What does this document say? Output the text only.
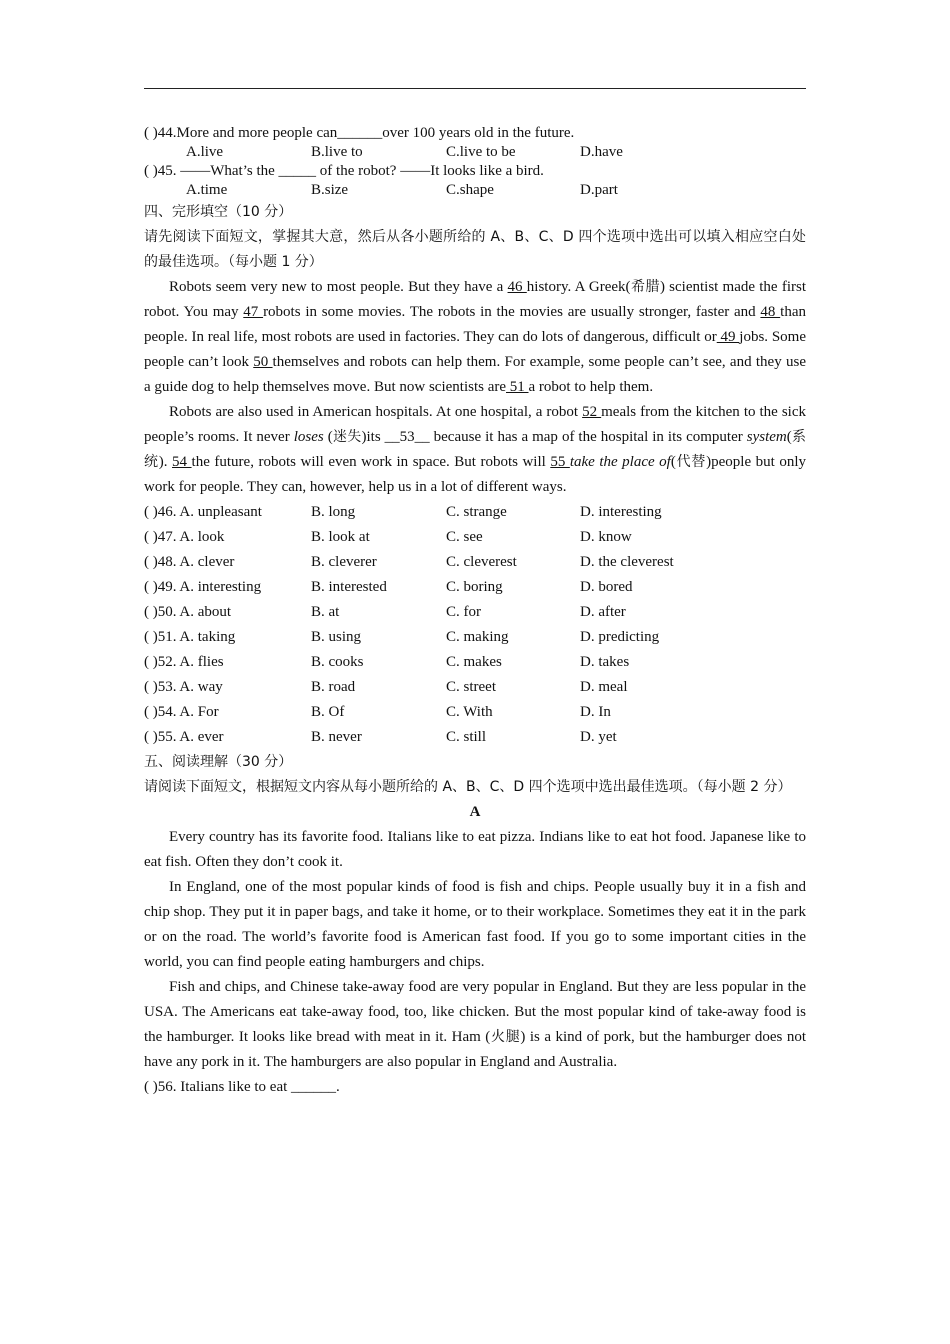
( )44.More and more people can______over 100 years old in the future.
A.live	B.live to	C.live to be	D.have
( )45. ——What’s the _____ of the robot? ——It looks like a bird.
A.time	B.size	C.shape	D.part
四、完形填空（10 分）
请先阅读下面短文，掌握其大意，然后从各小题所给的 A、B、C、D 四个选项中选出可以填入相应空白处的最佳选项。（每小题 1 分）
Robots seem very new to most people. But they have a 46 history. A Greek(希腊) scientist made the first robot. You may 47 robots in some movies. The robots in the movies are usually stronger, faster and 48 than people. In real life, most robots are used in factories. They can do lots of dangerous, difficult or 49 jobs. Some people can’t look 50 themselves and robots can help them. For example, some people can’t see, and they use a guide dog to help themselves move. But now scientists are 51 a robot to help them.
Robots are also used in American hospitals. At one hospital, a robot 52 meals from the kitchen to the sick people’s rooms. It never loses (迷失)its __53__ because it has a map of the hospital in its computer system(系统). 54 the future, robots will even work in space. But robots will 55 take the place of(代替)people but only work for people. They can, however, help us in a lot of different ways.
( )46. A. unpleasant	B. long	C. strange	D. interesting
( )47. A. look	B. look at	C. see	D. know
( )48. A. clever	B. cleverer	C. cleverest	D. the cleverest
( )49. A. interesting	B. interested	C. boring	D. bored
( )50. A. about	B. at	C. for	D. after
( )51. A. taking	B. using	C. making	D. predicting
( )52. A. flies	B. cooks	C. makes	D. takes
( )53. A. way	B. road	C. street	D. meal
( )54. A. For	B. Of	C. With	D. In
( )55. A. ever	B. never	C. still	D. yet
五、阅读理解（30 分）
请阅读下面短文，根据短文内容从每小题所给的 A、B、C、D 四个选项中选出最佳选项。（每小题 2 分）
A
Every country has its favorite food. Italians like to eat pizza. Indians like to eat hot food. Japanese like to eat fish. Often they don’t cook it.
In England, one of the most popular kinds of food is fish and chips. People usually buy it in a fish and chip shop. They put it in paper bags, and take it home, or to their workplace. Sometimes they eat it in the park or on the road. The world’s favorite food is American fast food. If you go to some important cities in the world, you can find people eating hamburgers and chips.
Fish and chips, and Chinese take-away food are very popular in England. But they are less popular in the USA. The Americans eat take-away food, too, like chicken. But the most popular kind of take-away food is the hamburger. It looks like bread with meat in it. Ham (火腿) is a kind of pork, but the hamburger does not have any pork in it. The hamburgers are also popular in England and Australia.
( )56. Italians like to eat ______.
